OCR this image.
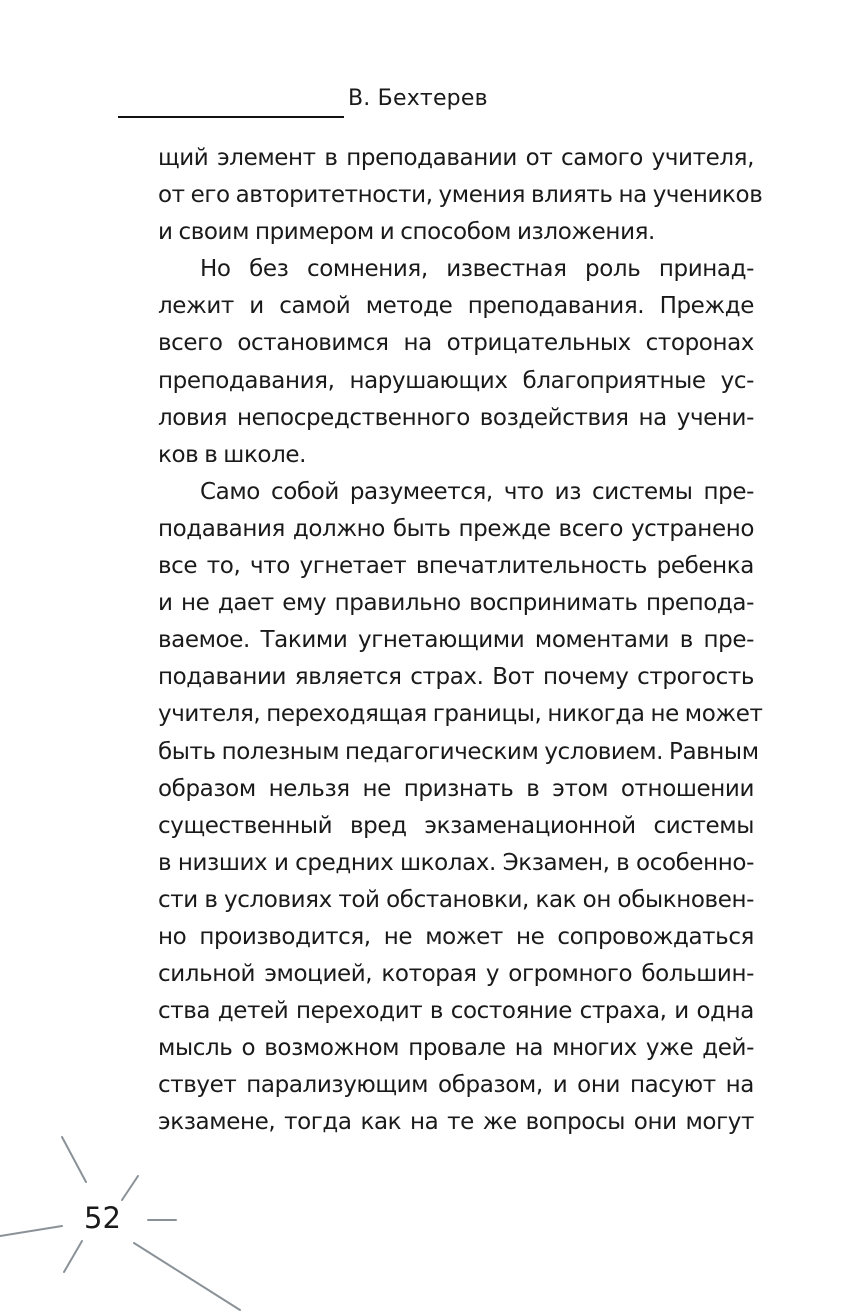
В. Бехтерев
щий элемент в преподавании от самого учителя,
от его авторитетности, умения влиять на учеников
и своим примером и способом изложения.
Но без сомнения, известная роль принад-
лежит и самой методе преподавания. Прежде
всего остановимся на отрицательных сторонах
преподавания, нарушающих благоприятные ус-
ловия непосредственного воздействия на учени-
ков в школе.
Само собой разумеется, что из системы пре-
подавания должно быть прежде всего устранено
все то, что угнетает впечатлительность ребенка
и не дает ему правильно воспринимать препода-
ваемое. Такими угнетающими моментами в пре-
подавании является страх. Вот почему строгость
учителя, переходящая границы, никогда не может
быть полезным педагогическим условием. Равным
образом нельзя не признать в этом отношении
существенный вред экзаменационной системы
в низших и средних школах. Экзамен, в особенно-
сти в условиях той обстановки, как он обыкновен-
но производится, не может не сопровождаться
сильной эмоцией, которая у огромного большин-
ства детей переходит в состояние страха, и одна
мысль о возможном провале на многих уже дей-
ствует парализующим образом, и они пасуют на
экзамене, тогда как на те же вопросы они могут
52
